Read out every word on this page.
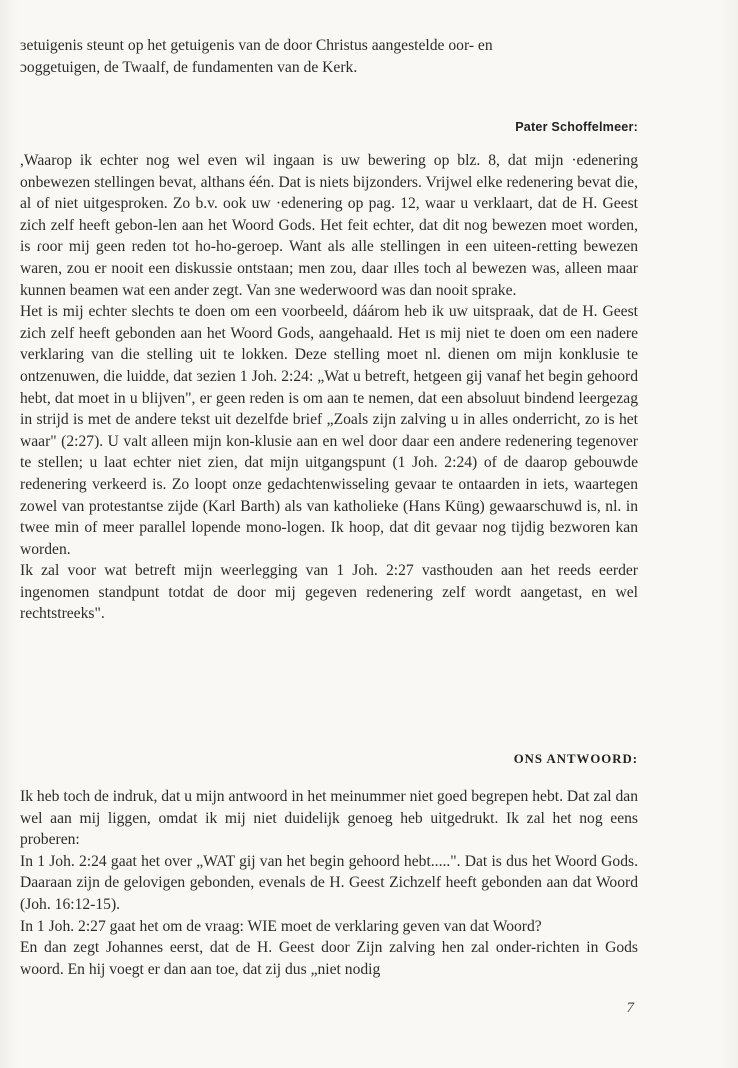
ɜetuigenis steunt op het getuigenis van de door Christus aangestelde oor- en

ɔoggetuigen, de Twaalf, de fundamenten van de Kerk.

Pater Schoffelmeer:

,Waarop ik echter nog wel even wil ingaan is uw bewering op blz. 8, dat mijn ·edenering onbewezen stellingen bevat, althans één. Dat is niets bijzonders. Vrijwel elke redenering bevat die, al of niet uitgesproken. Zo b.v. ook uw ·edenering op pag. 12, waar u verklaart, dat de H. Geest zich zelf heeft gebon-len aan het Woord Gods. Het feit echter, dat dit nog bewezen moet worden, is ɾoor mij geen reden tot ho-ho-geroep. Want als alle stellingen in een uiteen-ɾetting bewezen waren, zou er nooit een diskussie ontstaan; men zou, daar ɪlles toch al bewezen was, alleen maar kunnen beamen wat een ander zegt. Van ɜne wederwoord was dan nooit sprake.

Het is mij echter slechts te doen om een voorbeeld, dáárom heb ik uw uitspraak, dat de H. Geest zich zelf heeft gebonden aan het Woord Gods, aangehaald. Het ɪs mij niet te doen om een nadere verklaring van die stelling uit te lokken. Deze stelling moet nl. dienen om mijn konklusie te ontzenuwen, die luidde, dat ɜezien 1 Joh. 2:24: „Wat u betreft, hetgeen gij vanaf het begin gehoord hebt, dat moet in u blijven", er geen reden is om aan te nemen, dat een absoluut bindend leergezag in strijd is met de andere tekst uit dezelfde brief „Zoals zijn zalving u in alles onderricht, zo is het waar" (2:27). U valt alleen mijn kon-klusie aan en wel door daar een andere redenering tegenover te stellen; u laat echter niet zien, dat mijn uitgangspunt (1 Joh. 2:24) of de daarop gebouwde redenering verkeerd is. Zo loopt onze gedachtenwisseling gevaar te ontaarden in iets, waartegen zowel van protestantse zijde (Karl Barth) als van katholieke (Hans Küng) gewaarschuwd is, nl. in twee min of meer parallel lopende mono-logen. Ik hoop, dat dit gevaar nog tijdig bezworen kan worden.

Ik zal voor wat betreft mijn weerlegging van 1 Joh. 2:27 vasthouden aan het reeds eerder ingenomen standpunt totdat de door mij gegeven redenering zelf wordt aangetast, en wel rechtstreeks".

ONS ANTWOORD:

Ik heb toch de indruk, dat u mijn antwoord in het meinummer niet goed begrepen hebt. Dat zal dan wel aan mij liggen, omdat ik mij niet duidelijk genoeg heb uitgedrukt. Ik zal het nog eens proberen:

In 1 Joh. 2:24 gaat het over „WAT gij van het begin gehoord hebt.....". Dat is dus het Woord Gods. Daaraan zijn de gelovigen gebonden, evenals de H. Geest Zichzelf heeft gebonden aan dat Woord (Joh. 16:12-15).

In 1 Joh. 2:27 gaat het om de vraag: WIE moet de verklaring geven van dat Woord?

En dan zegt Johannes eerst, dat de H. Geest door Zijn zalving hen zal onder-richten in Gods woord. En hij voegt er dan aan toe, dat zij dus „niet nodig

7
